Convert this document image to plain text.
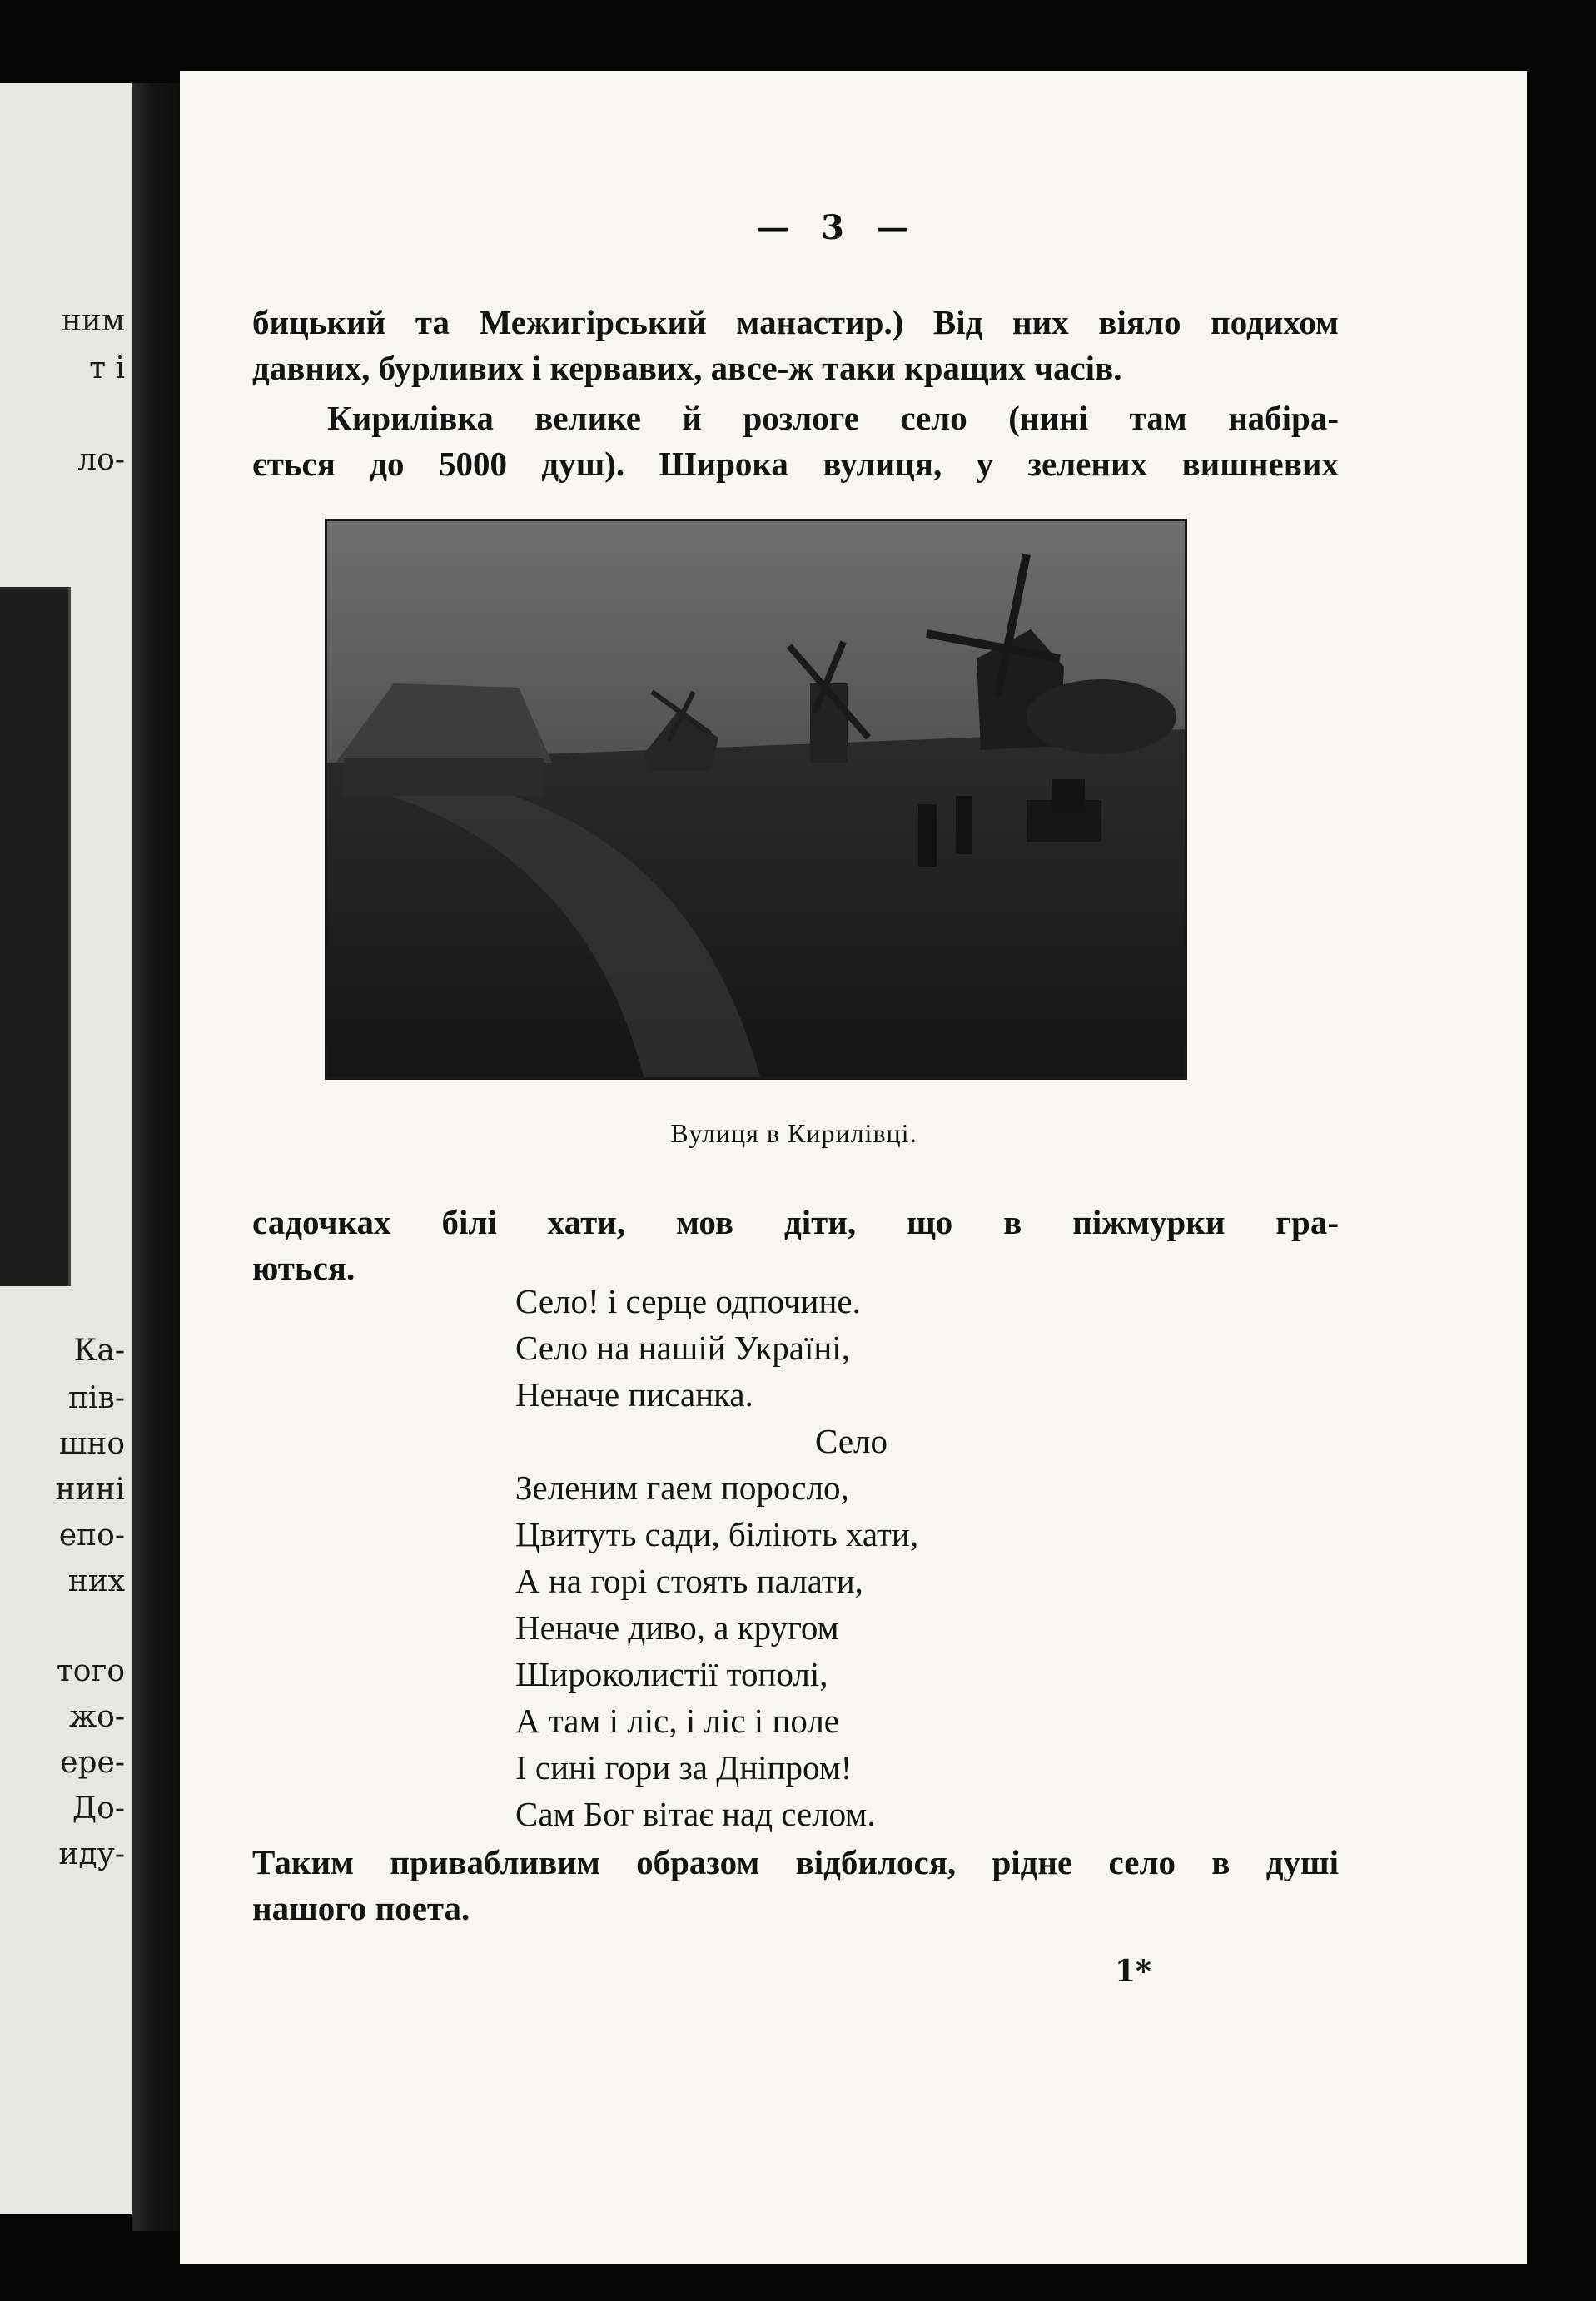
ним
т і
ло-
Ка-
пів-
шно
нині
епо-
них
того
жо-
ере-
До-
иду-
— 3 —
бицький та Межигірський манастир.) Від них віяло подихом
давних, бурливих і кервавих, авсе-ж таки кращих часів.
Кирилівка велике й розлоге село (нині там набіра-
ється до 5000 душ). Широка вулиця, у зелених вишневих
Вулиця в Кирилівці.
садочках білі хати, мов діти, що в піжмурки гра-
ються.
Село! і серце одпочине.
Село на нашій Україні,
Неначе писанка.
Село
Зеленим гаем поросло,
Цвитуть сади, біліють хати,
А на горі стоять палати,
Неначе диво, а кругом
Широколистії тополі,
А там і ліс, і ліс і поле
І сині гори за Дніпром!
Сам Бог вітає над селом.
Таким привабливим образом відбилося, рідне село в душі
нашого поета.
1*
